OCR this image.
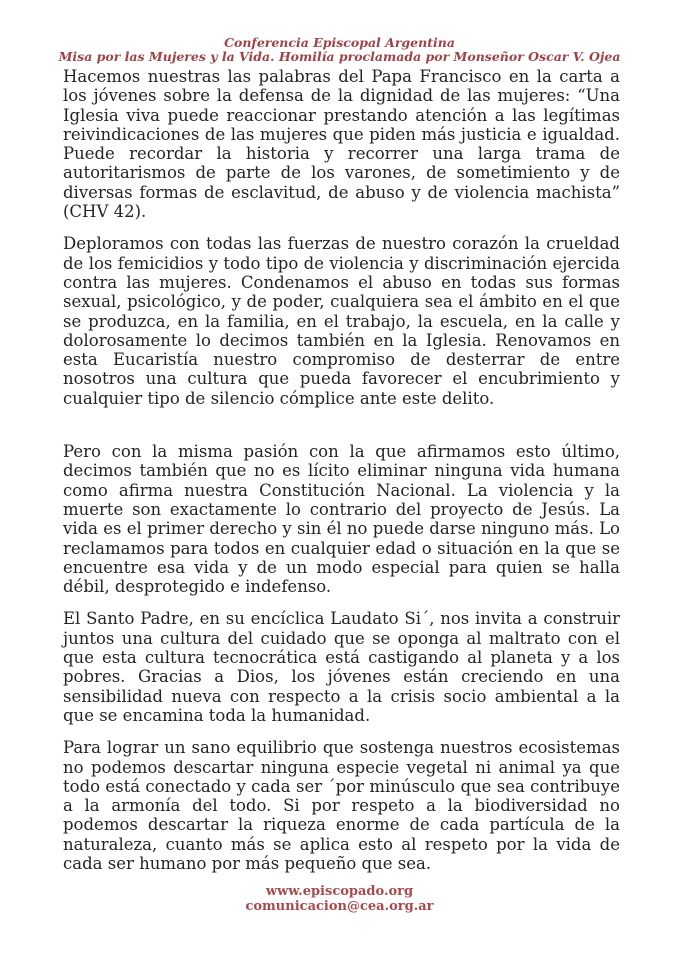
Conferencia Episcopal Argentina
Misa por las Mujeres y la Vida. Homilía proclamada por Monseñor Oscar V. Ojea

Hacemos nuestras las palabras del Papa Francisco en la carta a los jóvenes sobre la defensa de la dignidad de las mujeres: “Una Iglesia viva puede reaccionar prestando atención a las legítimas reivindicaciones de las mujeres que piden más justicia e igualdad. Puede recordar la historia y recorrer una larga trama de autoritarismos de parte de los varones, de sometimiento y de diversas formas de esclavitud, de abuso y de violencia machista” (CHV 42).

Deploramos con todas las fuerzas de nuestro corazón la crueldad de los femicidios y todo tipo de violencia y discriminación ejercida contra las mujeres. Condenamos el abuso en todas sus formas sexual, psicológico, y de poder, cualquiera sea el ámbito en el que se produzca, en la familia, en el trabajo, la escuela, en la calle y dolorosamente lo decimos también en la Iglesia. Renovamos en esta Eucaristía nuestro compromiso de desterrar de entre nosotros una cultura que pueda favorecer el encubrimiento y cualquier tipo de silencio cómplice ante este delito.

Pero con la misma pasión con la que afirmamos esto último, decimos también que no es lícito eliminar ninguna vida humana como afirma nuestra Constitución Nacional. La violencia y la muerte son exactamente lo contrario del proyecto de Jesús. La vida es el primer derecho y sin él no puede darse ninguno más. Lo reclamamos para todos en cualquier edad o situación en la que se encuentre esa vida y de un modo especial para quien se halla débil, desprotegido e indefenso.

El Santo Padre, en su encíclica Laudato Si´, nos invita a construir juntos una cultura del cuidado que se oponga al maltrato con el que esta cultura tecnocrática está castigando al planeta y a los pobres. Gracias a Dios, los jóvenes están creciendo en una sensibilidad nueva con respecto a la crisis socio ambiental a la que se encamina toda la humanidad.

Para lograr un sano equilibrio que sostenga nuestros ecosistemas no podemos descartar ninguna especie vegetal ni animal ya que todo está conectado y cada ser ´por minúsculo que sea contribuye a la armonía del todo. Si por respeto a la biodiversidad no podemos descartar la riqueza enorme de cada partícula de la naturaleza, cuanto más se aplica esto al respeto por la vida de cada ser humano por más pequeño que sea.

www.episcopado.org
comunicacion@cea.org.ar
